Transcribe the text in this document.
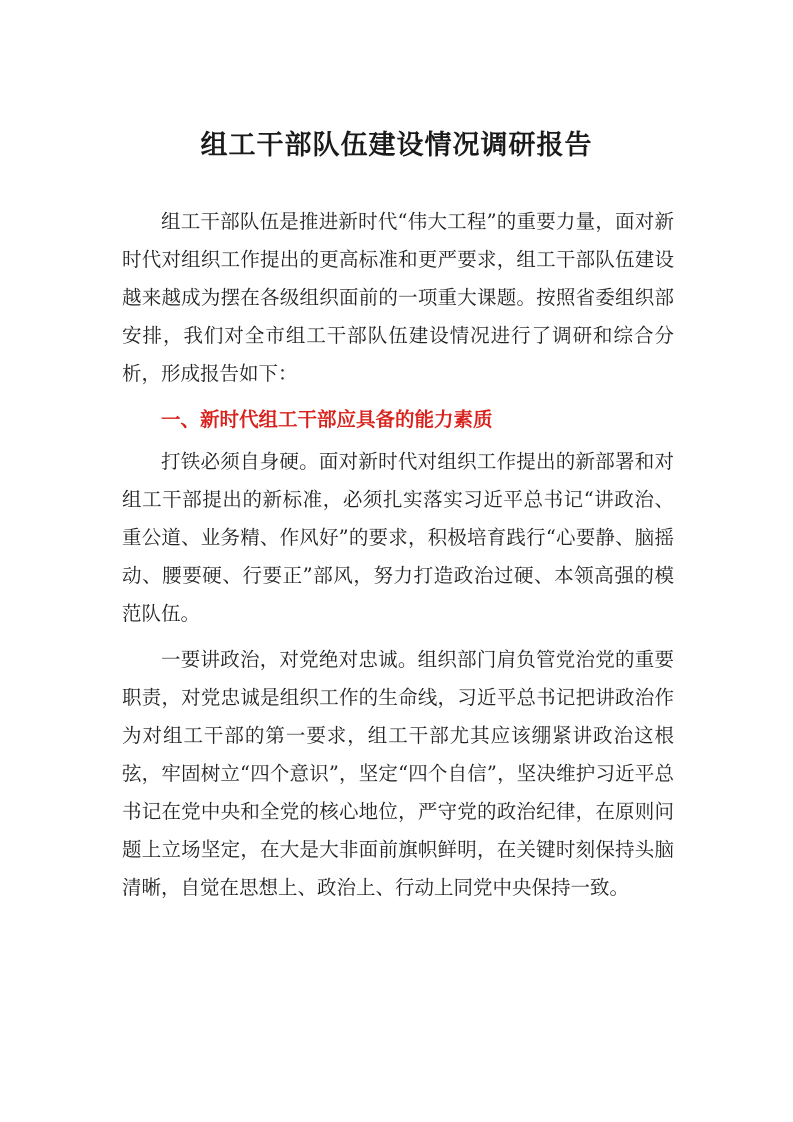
组工干部队伍建设情况调研报告

组工干部队伍是推进新时代“伟大工程”的重要力量，面对新时代对组织工作提出的更高标准和更严要求，组工干部队伍建设越来越成为摆在各级组织面前的一项重大课题。按照省委组织部安排，我们对全市组工干部队伍建设情况进行了调研和综合分析，形成报告如下：

一、新时代组工干部应具备的能力素质

打铁必须自身硬。面对新时代对组织工作提出的新部署和对组工干部提出的新标准，必须扎实落实习近平总书记“讲政治、重公道、业务精、作风好”的要求，积极培育践行“心要静、脑摇动、腰要硬、行要正”部风，努力打造政治过硬、本领高强的模范队伍。

一要讲政治，对党绝对忠诚。组织部门肩负管党治党的重要职责，对党忠诚是组织工作的生命线，习近平总书记把讲政治作为对组工干部的第一要求，组工干部尤其应该绷紧讲政治这根弦，牢固树立“四个意识”，坚定“四个自信”，坚决维护习近平总书记在党中央和全党的核心地位，严守党的政治纪律，在原则问题上立场坚定，在大是大非面前旗帜鲜明，在关键时刻保持头脑清晰，自觉在思想上、政治上、行动上同党中央保持一致。
